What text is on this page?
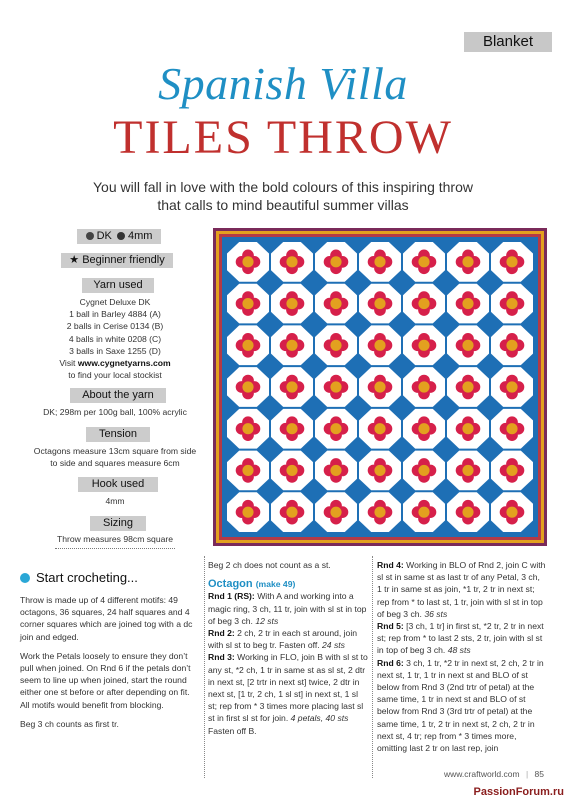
Blanket
Spanish Villa
TILES THROW
You will fall in love with the bold colours of this inspiring throw
that calls to mind beautiful summer villas
DK 4mm
★ Beginner friendly
Yarn used
Cygnet Deluxe DK
1 ball in Barley 4884 (A)
2 balls in Cerise 0134 (B)
4 balls in white 0208 (C)
3 balls in Saxe 1255 (D)
Visit www.cygnetyarns.com
to find your local stockist
About the yarn
DK; 298m per 100g ball, 100% acrylic
Tension
Octagons measure 13cm square from side
to side and squares measure 6cm
Hook used
4mm
Sizing
Throw measures 98cm square
Start crocheting...

Throw is made up of 4 different motifs: 49 octagons, 36 squares, 24 half squares and 4 corner squares which are joined tog with a dc join and edged.

Work the Petals loosely to ensure they don’t pull when joined. On Rnd 6 if the petals don’t seem to line up when joined, start the round either one st before or after depending on fit. All motifs would benefit from blocking.

Beg 3 ch counts as first tr.

Beg 2 ch does not count as a st.

Octagon (make 49)
Rnd 1 (RS): With A and working into a magic ring, 3 ch, 11 tr, join with sl st in top of beg 3 ch. 12 sts
Rnd 2: 2 ch, 2 tr in each st around, join with sl st to beg tr. Fasten off. 24 sts
Rnd 3: Working in FLO, join B with sl st to any st, *2 ch, 1 tr in same st as sl st, 2 dtr in next st, [2 trtr in next st] twice, 2 dtr in next st, [1 tr, 2 ch, 1 sl st] in next st, 1 sl st; rep from * 3 times more placing last sl st in first sl st for join. 4 petals, 40 sts
Fasten off B.
Rnd 4: Working in BLO of Rnd 2, join C with sl st in same st as last tr of any Petal, 3 ch, 1 tr in same st as join, *1 tr, 2 tr in next st; rep from * to last st, 1 tr, join with sl st in top of beg 3 ch. 36 sts
Rnd 5: [3 ch, 1 tr] in first st, *2 tr, 2 tr in next st; rep from * to last 2 sts, 2 tr, join with sl st in top of beg 3 ch. 48 sts
Rnd 6: 3 ch, 1 tr, *2 tr in next st, 2 ch, 2 tr in next st, 1 tr, 1 tr in next st and BLO of st below from Rnd 3 (2nd trtr of petal) at the same time, 1 tr in next st and BLO of st below from Rnd 3 (3rd trtr of petal) at the same time, 1 tr, 2 tr in next st, 2 ch, 2 tr in next st, 4 tr; rep from * 3 times more, omitting last 2 tr on last rep, join
www.craftworld.com | 85
PassionForum.ru
